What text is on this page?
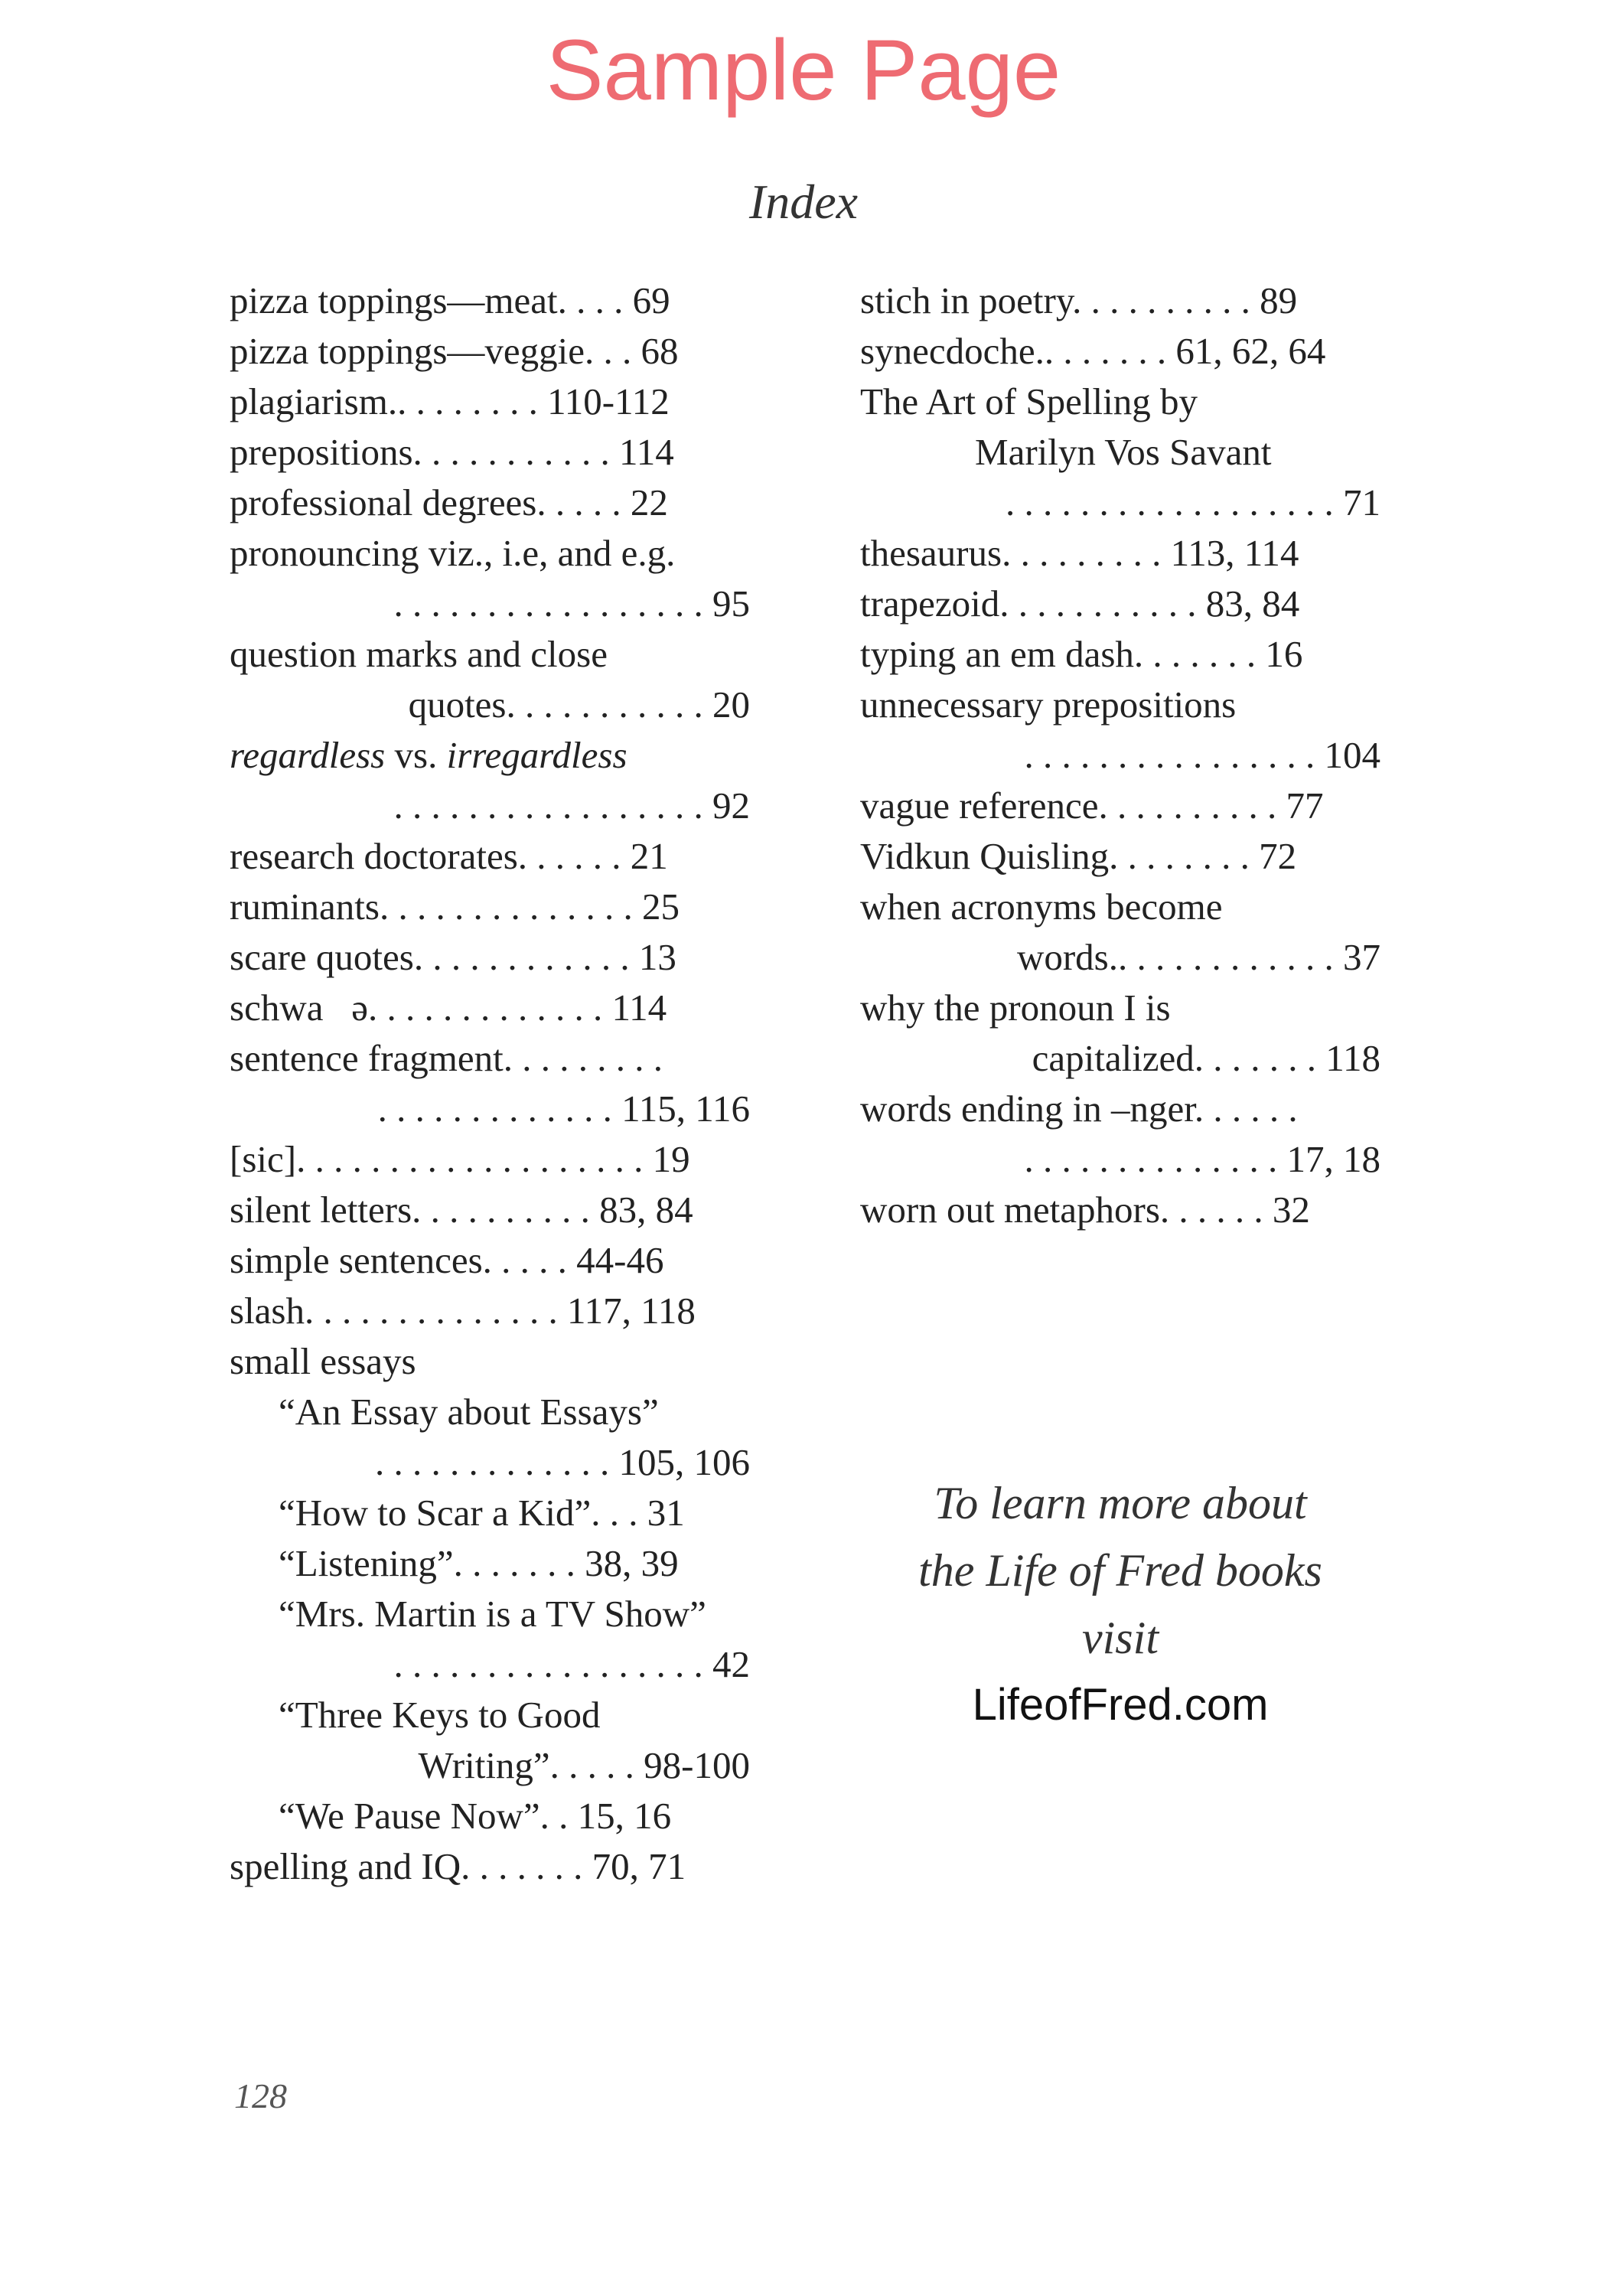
Sample Page
Index
pizza toppings—meat. . . . 69
pizza toppings—veggie. . . 68
plagiarism.. . . . . . . . 110-112
prepositions. . . . . . . . . . . 114
professional degrees. . . . . 22
pronouncing viz., i.e, and e.g.
. . . . . . . . . . . . . . . . . 95
question marks and close
quotes. . . . . . . . . . . 20
regardless vs. irregardless
. . . . . . . . . . . . . . . . . 92
research doctorates. . . . . . 21
ruminants. . . . . . . . . . . . . . 25
scare quotes. . . . . . . . . . . . 13
schwa   ə. . . . . . . . . . . . . 114
sentence fragment. . . . . . . . .
. . . . . . . . . . . . . 115, 116
[sic]. . . . . . . . . . . . . . . . . . . 19
silent letters. . . . . . . . . . 83, 84
simple sentences. . . . . 44-46
slash. . . . . . . . . . . . . . 117, 118
small essays
“An Essay about Essays”
. . . . . . . . . . . . . 105, 106
“How to Scar a Kid”. . . 31
“Listening”. . . . . . . 38, 39
“Mrs. Martin is a TV Show”
. . . . . . . . . . . . . . . . . 42
“Three Keys to Good
Writing”. . . . . 98-100
“We Pause Now”. . 15, 16
spelling and IQ. . . . . . . 70, 71
stich in poetry. . . . . . . . . . 89
synecdoche.. . . . . . . 61, 62, 64
The Art of Spelling by
Marilyn Vos Savant
. . . . . . . . . . . . . . . . . . 71
thesaurus. . . . . . . . . 113, 114
trapezoid. . . . . . . . . . . 83, 84
typing an em dash. . . . . . . 16
unnecessary prepositions
. . . . . . . . . . . . . . . . 104
vague reference. . . . . . . . . . 77
Vidkun Quisling. . . . . . . . 72
when acronyms become
words.. . . . . . . . . . . . 37
why the pronoun I is
capitalized. . . . . . . 118
words ending in –nger. . . . . .
. . . . . . . . . . . . . . 17, 18
worn out metaphors. . . . . . 32
To learn more about
the Life of Fred books
visit
LifeofFred.com
128
